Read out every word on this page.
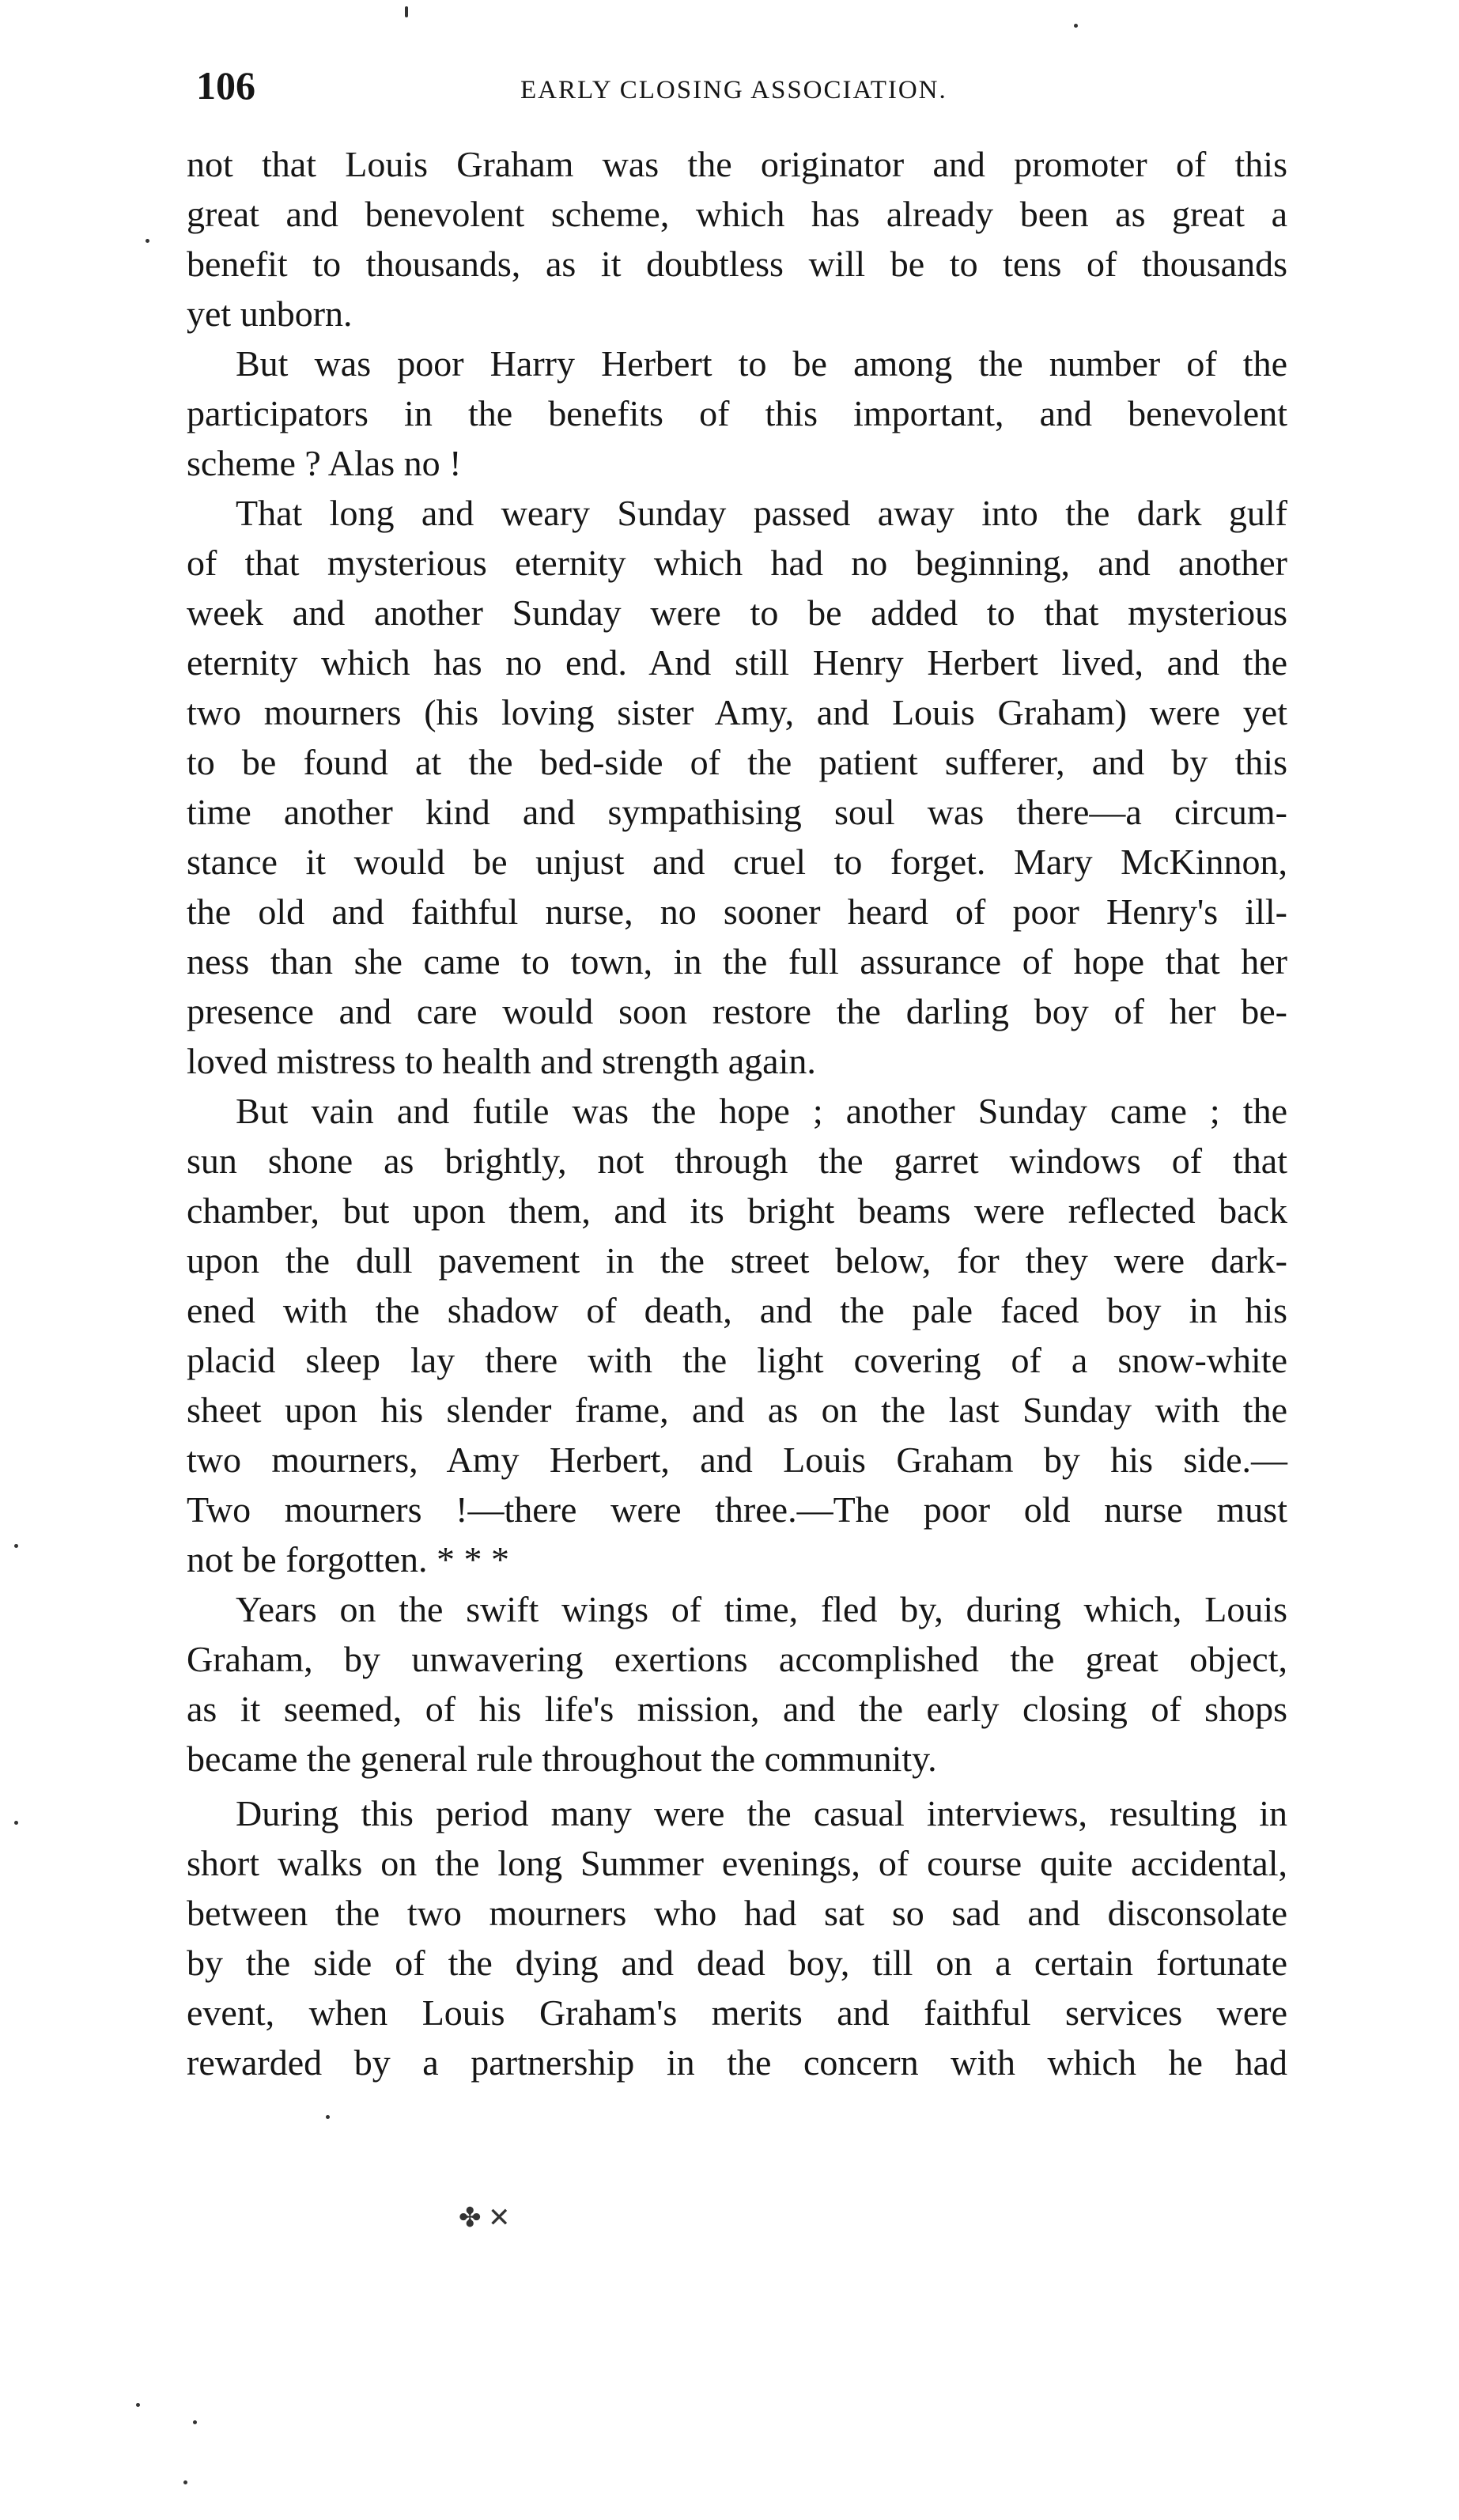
106	EARLY CLOSING ASSOCIATION.
not that Louis Graham was the originator and promoter of this
great and benevolent scheme, which has already been as great a
benefit to thousands, as it doubtless will be to tens of thousands
yet unborn.
But was poor Harry Herbert to be among the number of the
participators in the benefits of this important, and benevolent
scheme ? Alas no !
That long and weary Sunday passed away into the dark gulf
of that mysterious eternity which had no beginning, and another
week and another Sunday were to be added to that mysterious
eternity which has no end. And still Henry Herbert lived, and the
two mourners (his loving sister Amy, and Louis Graham) were yet
to be found at the bed-side of the patient sufferer, and by this
time another kind and sympathising soul was there—a circum-
stance it would be unjust and cruel to forget. Mary McKinnon,
the old and faithful nurse, no sooner heard of poor Henry's ill-
ness than she came to town, in the full assurance of hope that her
presence and care would soon restore the darling boy of her be-
loved mistress to health and strength again.
But vain and futile was the hope ; another Sunday came ; the
sun shone as brightly, not through the garret windows of that
chamber, but upon them, and its bright beams were reflected back
upon the dull pavement in the street below, for they were dark-
ened with the shadow of death, and the pale faced boy in his
placid sleep lay there with the light covering of a snow-white
sheet upon his slender frame, and as on the last Sunday with the
two mourners, Amy Herbert, and Louis Graham by his side.—
Two mourners !—there were three.—The poor old nurse must
not be forgotten. * * *
Years on the swift wings of time, fled by, during which, Louis
Graham, by unwavering exertions accomplished the great object,
as it seemed, of his life's mission, and the early closing of shops
became the general rule throughout the community.
During this period many were the casual interviews, resulting in
short walks on the long Summer evenings, of course quite accidental,
between the two mourners who had sat so sad and disconsolate
by the side of the dying and dead boy, till on a certain fortunate
event, when Louis Graham's merits and faithful services were
rewarded by a partnership in the concern with which he had
✤ ✕
